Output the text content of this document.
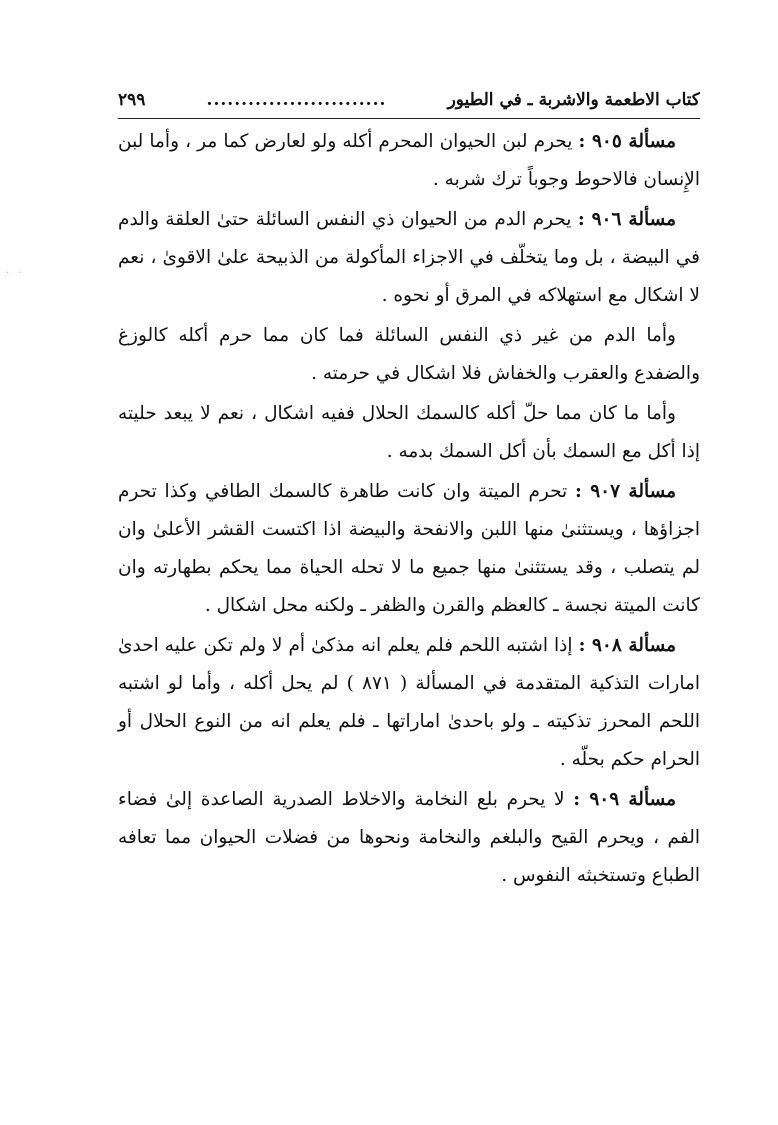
· ·
كتاب الاطعمة والاشربة ـ في الطيور
..........................
٢٩٩

مسألة ٩٠٥ : يحرم لبن الحيوان المحرم أكله ولو لعارض كما مر ، وأما لبن الإِنسان فالاحوط وجوباً ترك شربه .

مسألة ٩٠٦ : يحرم الدم من الحيوان ذي النفس السائلة حتىٰ العلقة والدم في البيضة ، بل وما يتخلّف في الاجزاء المأكولة من الذبيحة علىٰ الاقوىٰ ، نعم لا اشكال مع استهلاكه في المرق أو نحوه .

وأما الدم من غير ذي النفس السائلة فما كان مما حرم أكله كالوزغ والضفدع والعقرب والخفاش فلا اشكال في حرمته .

وأما ما كان مما حلّ أكله كالسمك الحلال ففيه اشكال ، نعم لا يبعد حليته إذا أكل مع السمك بأن أكل السمك بدمه .

مسألة ٩٠٧ : تحرم الميتة وان كانت طاهرة كالسمك الطافي وكذا تحرم اجزاؤها ، ويستثنىٰ منها اللبن والانفحة والبيضة اذا اكتست القشر الأعلىٰ وان لم يتصلب ، وقد يستثنىٰ منها جميع ما لا تحله الحياة مما يحكم بطهارته وان كانت الميتة نجسة ـ كالعظم والقرن والظفر ـ ولكنه محل اشكال .

مسألة ٩٠٨ : إذا اشتبه اللحم فلم يعلم انه مذكىٰ أم لا ولم تكن عليه احدىٰ امارات التذكية المتقدمة في المسألة ( ٨٧١ ) لم يحل أكله ، وأما لو اشتبه اللحم المحرز تذكيته ـ ولو باحدىٰ اماراتها ـ فلم يعلم انه من النوع الحلال أو الحرام حكم بحلّه .

مسألة ٩٠٩ : لا يحرم بلع النخامة والاخلاط الصدرية الصاعدة إلىٰ فضاء الفم ، ويحرم القيح والبلغم والنخامة ونحوها من فضلات الحيوان مما تعافه الطباع وتستخبثه النفوس .
